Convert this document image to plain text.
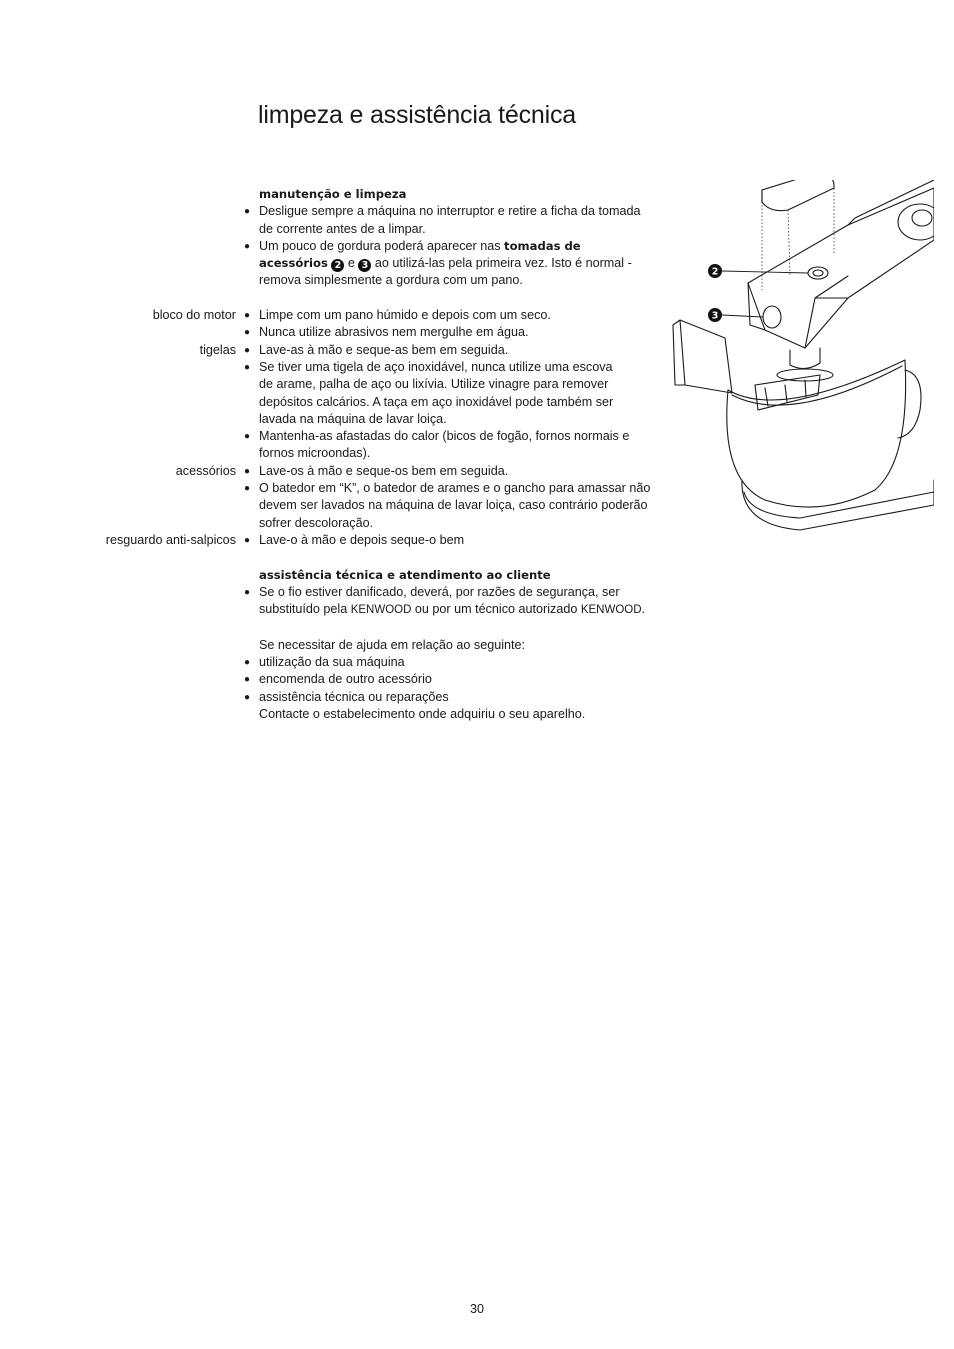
limpeza e assistência técnica
manutenção e limpeza
● Desligue sempre a máquina no interruptor e retire a ficha da tomada
de corrente antes de a limpar.
● Um pouco de gordura poderá aparecer nas tomadas de
acessórios 2 e 3 ao utilizá-las pela primeira vez. Isto é normal -
remova simplesmente a gordura com um pano.
bloco do motor ● Limpe com um pano húmido e depois com um seco.
● Nunca utilize abrasivos nem mergulhe em água.
tigelas ● Lave-as à mão e seque-as bem em seguida.
● Se tiver uma tigela de aço inoxidável, nunca utilize uma escova
de arame, palha de aço ou lixívia. Utilize vinagre para remover
depósitos calcários. A taça em aço inoxidável pode também ser
lavada na máquina de lavar loiça.
● Mantenha-as afastadas do calor (bicos de fogão, fornos normais e
fornos microondas).
acessórios ● Lave-os à mão e seque-os bem em seguida.
● O batedor em “K”, o batedor de arames e o gancho para amassar não
devem ser lavados na máquina de lavar loiça, caso contrário poderão
sofrer descoloração.
resguardo anti-salpicos ● Lave-o à mão e depois seque-o bem
assistência técnica e atendimento ao cliente
● Se o fio estiver danificado, deverá, por razões de segurança, ser
substituído pela KENWOOD ou por um técnico autorizado KENWOOD.
Se necessitar de ajuda em relação ao seguinte:
● utilização da sua máquina
● encomenda de outro acessório
● assistência técnica ou reparações
Contacte o estabelecimento onde adquiriu o seu aparelho.
2
3
30
